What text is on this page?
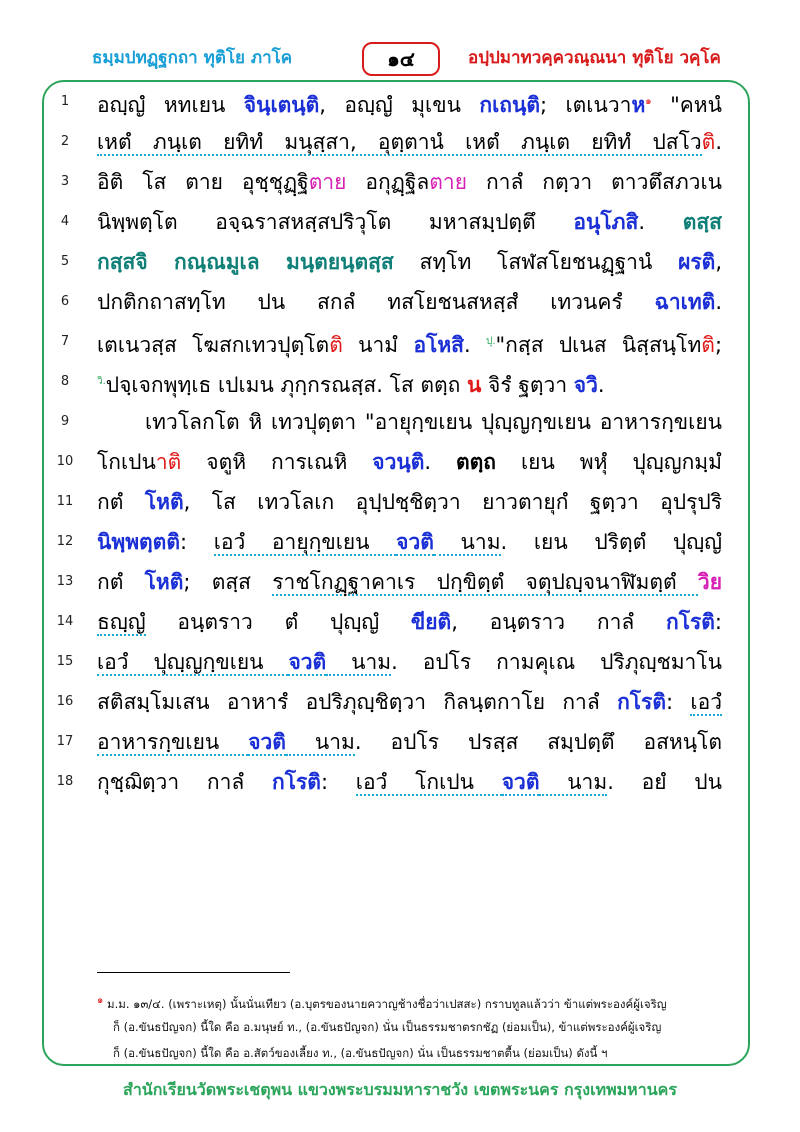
ธมฺมปทฏฺฐกถา ทุติโย ภาโค	๑๔	อปฺปมาทวคฺควณฺณนา ทุติโย วคฺโค
1	อญฺญํ หทเยน จินฺเตนฺติ, อญฺญํ มุเขน กเถนฺติ; เตเนวาห$^๑$ "คหนํ
2	เหตํ ภนฺเต ยทิทํ มนุสฺสา, อุตฺตานํ เหตํ ภนฺเต ยทิทํ ปสโวติ.
3	อิติ โส ตาย อุชฺชุฏฺฐิตาย อกุฏฺฐิลตาย กาลํ กตฺวา ตาวตึสภวเน
4	นิพฺพตฺโต อจฺฉราสหสฺสปริวุโต มหาสมฺปตฺตึ อนุโภสิ. ตสฺส
5	กสฺสจิ กณฺณมูเล มนฺตยนฺตสฺส สทฺโท โสฬสโยชนฏฺฐานํ ผรติ,
6	ปกติกถาสทฺโท ปน สกลํ ทสโยชนสหสฺสํ เทวนครํ ฉาเทติ.
7	เตเนวสฺส โฆสกเทวปุตฺโตติ นามํ อโหสิ. $^{ปุ.}$"กสฺส ปเนส นิสฺสนฺโทติ;
8	$^{วิ.}$ปจฺเจกพุทฺเธ เปเมน ภุกฺกรณสฺส. โส ตตฺถ น จิรํ ฐตฺวา จวิ.
9	เทวโลกโต หิ เทวปุตฺตา "อายุกฺขเยน ปุญฺญกฺขเยน อาหารกฺขเยน
10	โกเปนาติ จตูหิ การเณหิ จวนฺติ. ตตฺถ เยน พหุํ ปุญฺญกมฺมํ
11	กตํ โหติ, โส เทวโลเก อุปฺปชฺชิตฺวา ยาวตายุกํ ฐตฺวา อุปรุปริ
12	นิพฺพตฺตติ: เอวํ อายุกฺขเยน จวติ นาม. เยน ปริตฺตํ ปุญฺญํ
13	กตํ โหติ; ตสฺส ราชโกฏฺฐาคาเร ปกฺขิตฺตํ จตุปญฺจนาฬิมตฺตํ วิย
14	ธญฺญํ อนฺตราว ตํ ปุญฺญํ ขียติ, อนฺตราว กาลํ กโรติ:
15	เอวํ ปุญฺญกฺขเยน จวติ นาม. อปโร กามคุเณ ปริภุญฺชมาโน
16	สติสมฺโมเสน อาหารํ อปริภุญฺชิตฺวา กิลนฺตกาโย กาลํ กโรติ: เอวํ
17	อาหารกฺขเยน จวติ นาม. อปโร ปรสฺส สมฺปตฺตึ อสหนฺโต
18	กุชฺฌิตฺวา กาลํ กโรติ: เอวํ โกเปน จวติ นาม. อยํ ปน
๑ ม.ม. ๑๓/๔. (เพราะเหตุ) นั้นนั่นเทียว (อ.บุตรของนายควาญช้างชื่อว่าเปสสะ) กราบทูลแล้วว่า ข้าแต่พระองค์ผู้เจริญ
ก็ (อ.ขันธปัญจก) นี้ใด คือ อ.มนุษย์ ท., (อ.ขันธปัญจก) นั่น เป็นธรรมชาตรกชัฏ (ย่อมเป็น), ข้าแต่พระองค์ผู้เจริญ
ก็ (อ.ขันธปัญจก) นี้ใด คือ อ.สัตว์ของเลี้ยง ท., (อ.ขันธปัญจก) นั่น เป็นธรรมชาตตื้น (ย่อมเป็น) ดังนี้ ฯ
สำนักเรียนวัดพระเชตุพน แขวงพระบรมมหาราชวัง เขตพระนคร กรุงเทพมหานคร
